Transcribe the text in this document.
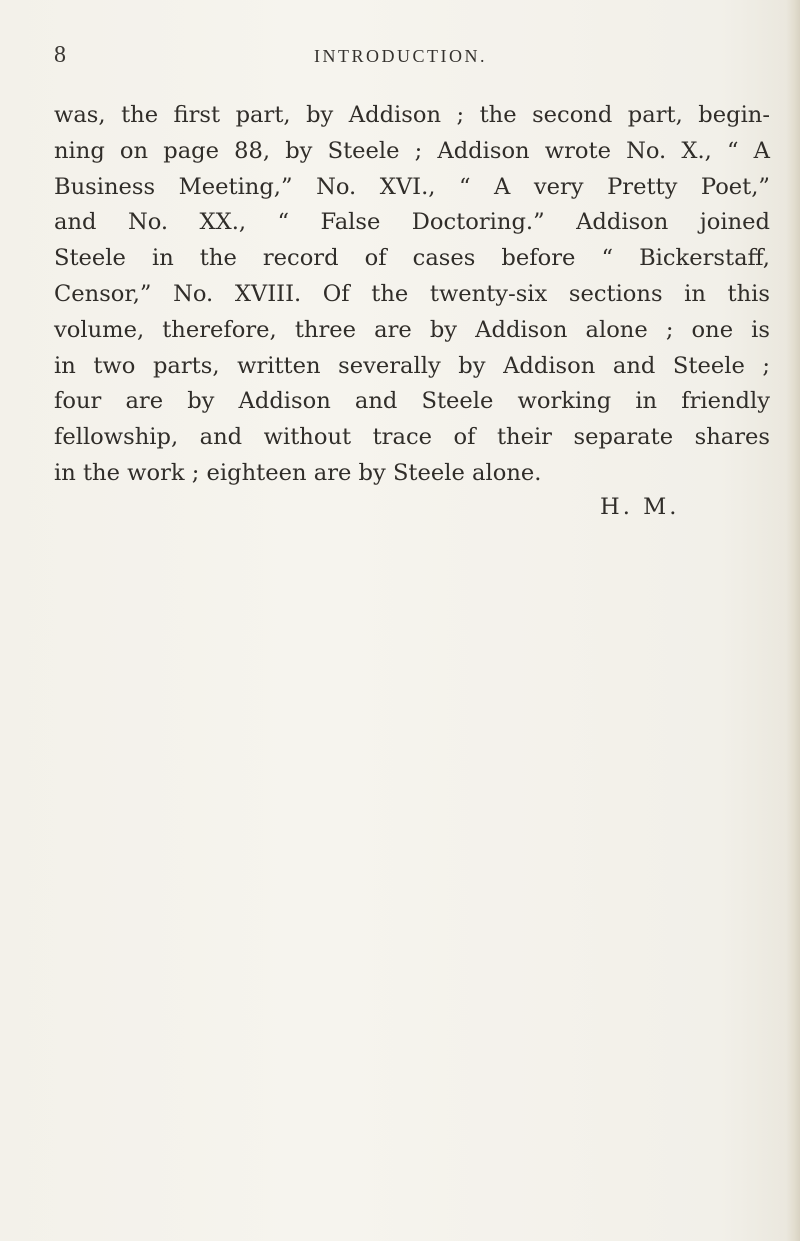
8	INTRODUCTION.
was, the first part, by Addison ; the second part, begin-
ning on page 88, by Steele ; Addison wrote No. X., “ A
Business Meeting,” No. XVI., “ A very Pretty Poet,”
and No. XX., “ False Doctoring.” Addison joined
Steele in the record of cases before “ Bickerstaff,
Censor,” No. XVIII. Of the twenty-six sections in this
volume, therefore, three are by Addison alone ; one is
in two parts, written severally by Addison and Steele ;
four are by Addison and Steele working in friendly
fellowship, and without trace of their separate shares
in the work ; eighteen are by Steele alone.
H. M.
